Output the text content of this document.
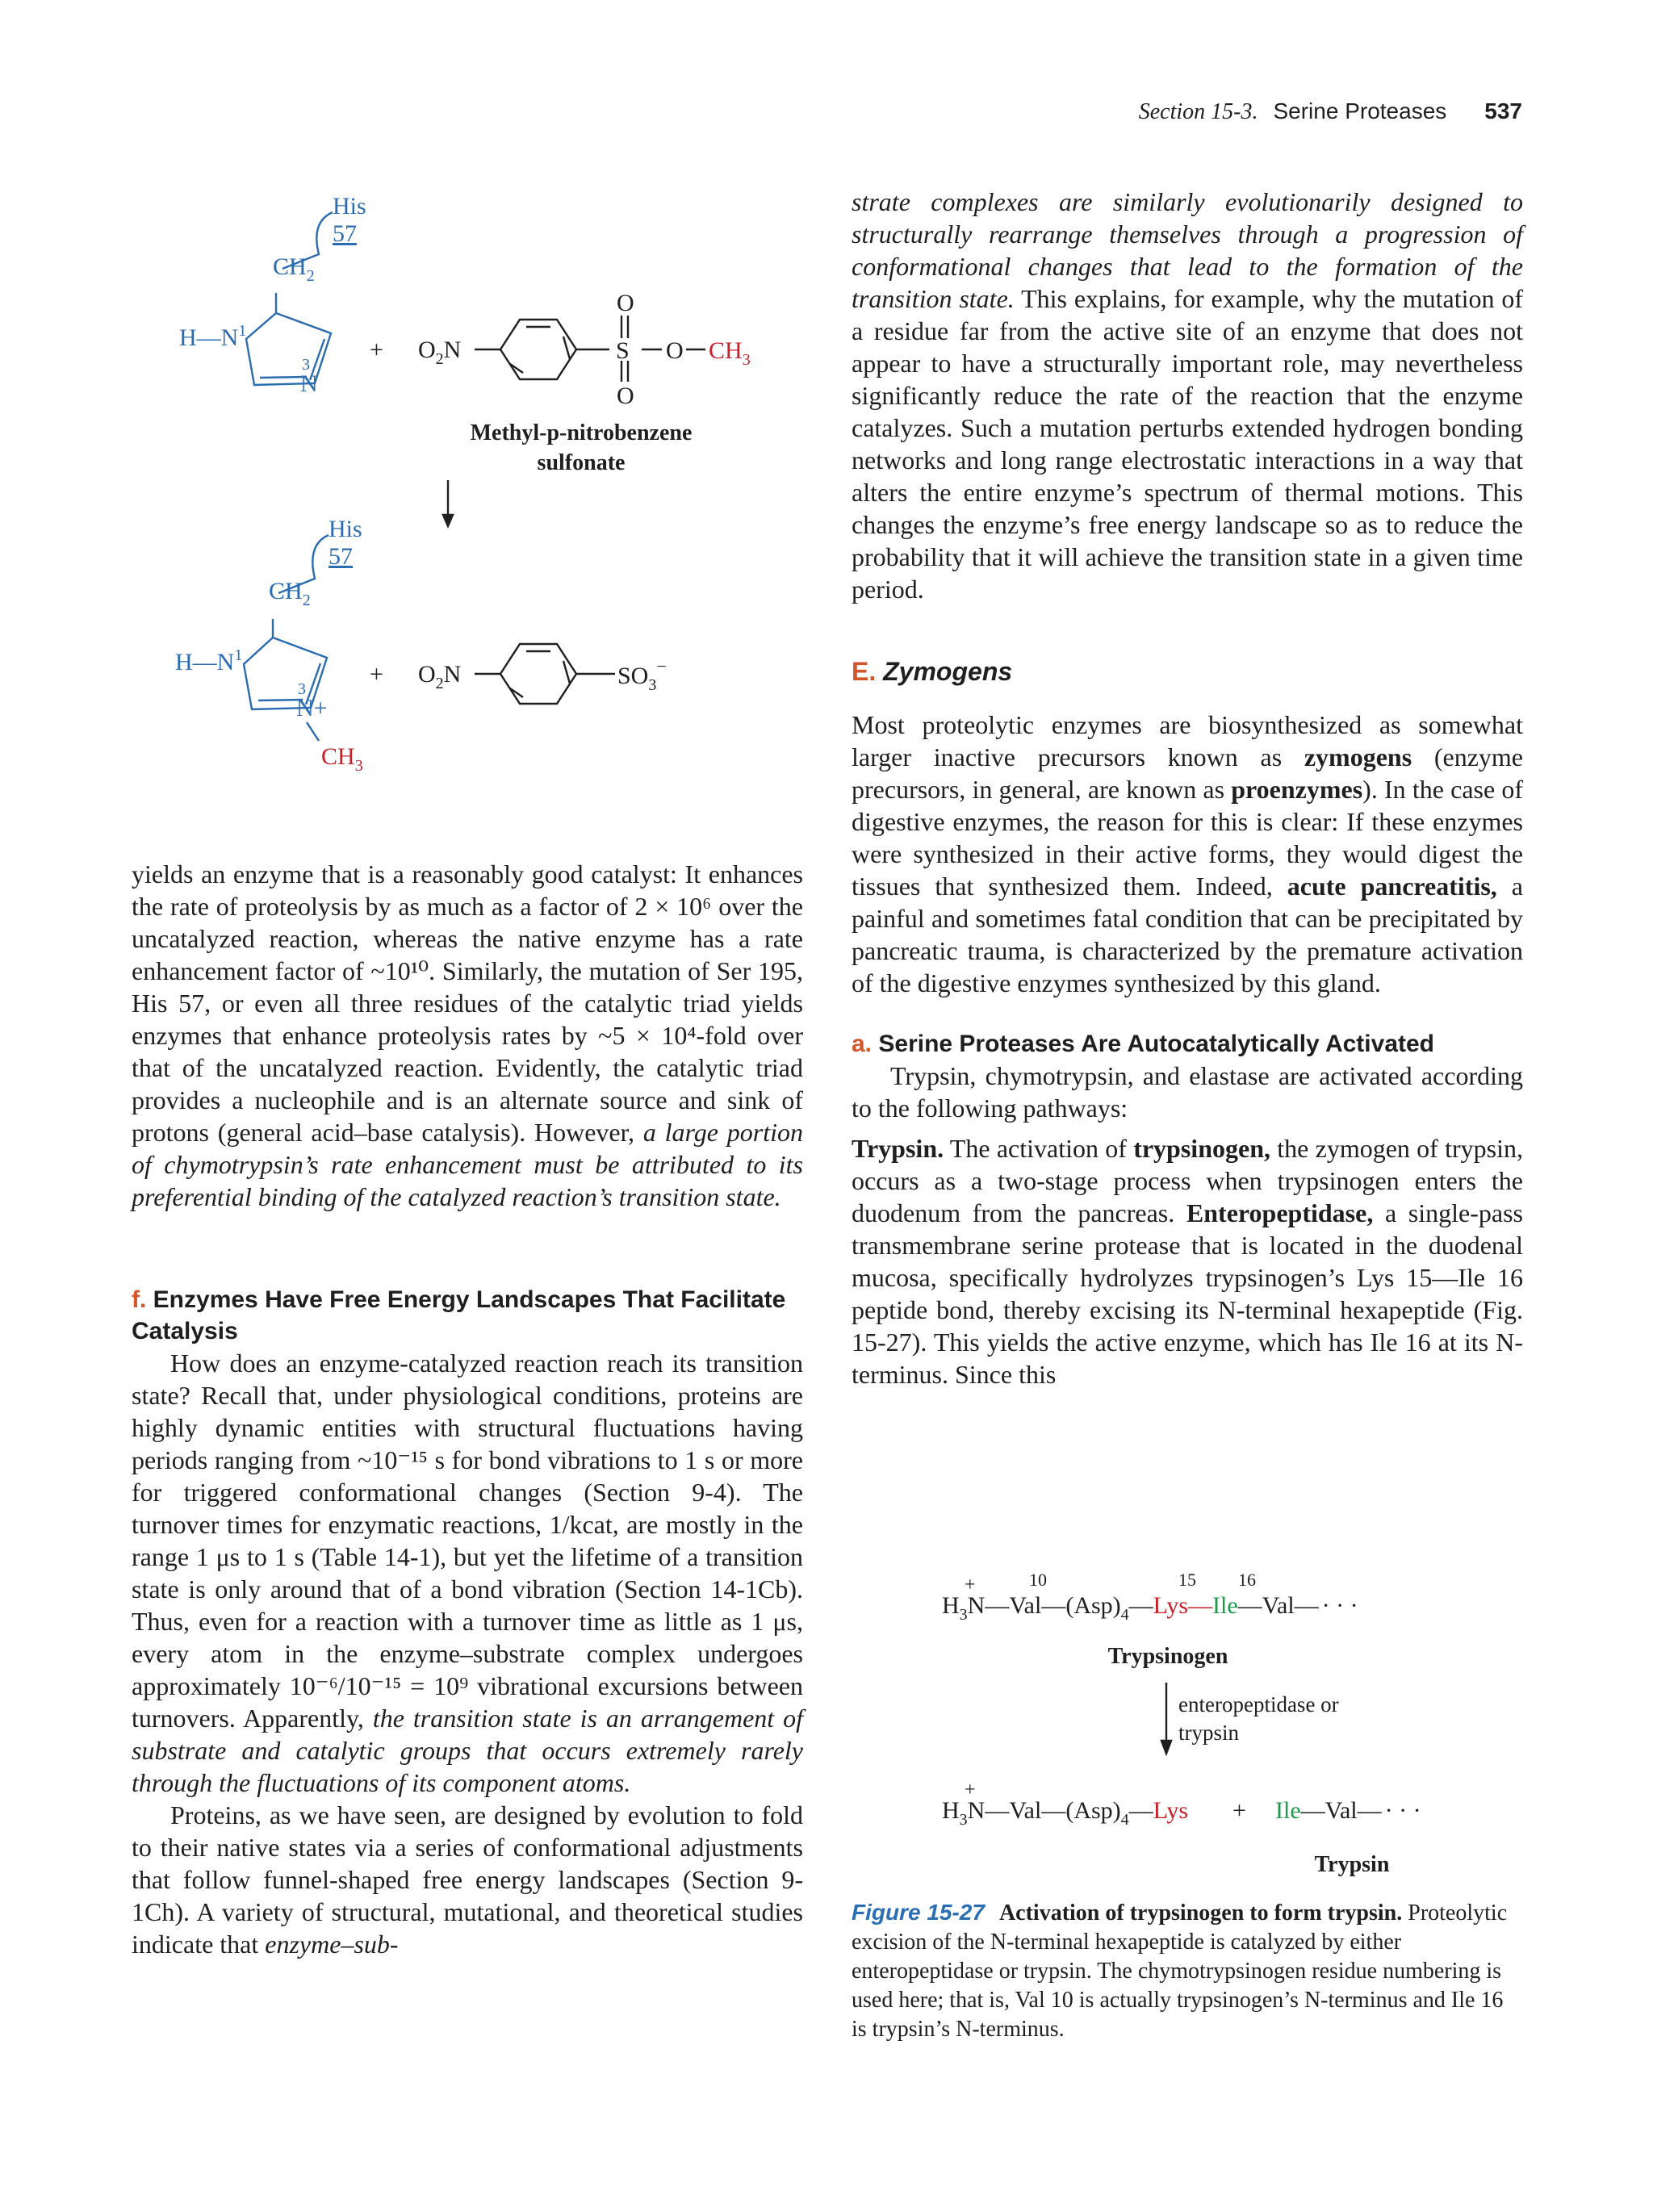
Section 15-3. Serine Proteases 537
His
57
$CH_2$
$H—N^1$
3
N
+ $O_2N$
O
S
O
O $CH_3$
Methyl-p-nitrobenzene
sulfonate
His
57
$CH_2$
$H—N^1$
3
N+
$CH_3$
+ $O_2N$	$SO_3^-$

yields an enzyme that is a reasonably good catalyst: It enhances the rate of proteolysis by as much as a factor of 2 × 10⁶ over the uncatalyzed reaction, whereas the native enzyme has a rate enhancement factor of ~10¹⁰. Similarly, the mutation of Ser 195, His 57, or even all three residues of the catalytic triad yields enzymes that enhance proteolysis rates by ~5 × 10⁴-fold over that of the uncatalyzed reaction. Evidently, the catalytic triad provides a nucleophile and is an alternate source and sink of protons (general acid–base catalysis). However, a large portion of chymotrypsin’s rate enhancement must be attributed to its preferential binding of the catalyzed reaction’s transition state.

f. Enzymes Have Free Energy Landscapes That Facilitate Catalysis

How does an enzyme-catalyzed reaction reach its transition state? Recall that, under physiological conditions, proteins are highly dynamic entities with structural fluctuations having periods ranging from ~10⁻¹⁵ s for bond vibrations to 1 s or more for triggered conformational changes (Section 9-4). The turnover times for enzymatic reactions, 1/kcat, are mostly in the range 1 μs to 1 s (Table 14-1), but yet the lifetime of a transition state is only around that of a bond vibration (Section 14-1Cb). Thus, even for a reaction with a turnover time as little as 1 μs, every atom in the enzyme–substrate complex undergoes approximately 10⁻⁶/10⁻¹⁵ = 10⁹ vibrational excursions between turnovers. Apparently, the transition state is an arrangement of substrate and catalytic groups that occurs extremely rarely through the fluctuations of its component atoms.

Proteins, as we have seen, are designed by evolution to fold to their native states via a series of conformational adjustments that follow funnel-shaped free energy landscapes (Section 9-1Ch). A variety of structural, mutational, and theoretical studies indicate that enzyme–sub-

strate complexes are similarly evolutionarily designed to structurally rearrange themselves through a progression of conformational changes that lead to the formation of the transition state. This explains, for example, why the mutation of a residue far from the active site of an enzyme that does not appear to have a structurally important role, may nevertheless significantly reduce the rate of the reaction that the enzyme catalyzes. Such a mutation perturbs extended hydrogen bonding networks and long range electrostatic interactions in a way that alters the entire enzyme’s spectrum of thermal motions. This changes the enzyme’s free energy landscape so as to reduce the probability that it will achieve the transition state in a given time period.

E. Zymogens

Most proteolytic enzymes are biosynthesized as somewhat larger inactive precursors known as zymogens (enzyme precursors, in general, are known as proenzymes). In the case of digestive enzymes, the reason for this is clear: If these enzymes were synthesized in their active forms, they would digest the tissues that synthesized them. Indeed, acute pancreatitis, a painful and sometimes fatal condition that can be precipitated by pancreatic trauma, is characterized by the premature activation of the digestive enzymes synthesized by this gland.

a. Serine Proteases Are Autocatalytically Activated

Trypsin, chymotrypsin, and elastase are activated according to the following pathways:

Trypsin. The activation of trypsinogen, the zymogen of trypsin, occurs as a two-stage process when trypsinogen enters the duodenum from the pancreas. Enteropeptidase, a single-pass transmembrane serine protease that is located in the duodenal mucosa, specifically hydrolyzes trypsinogen’s Lys 15—Ile 16 peptide bond, thereby excising its N-terminal hexapeptide (Fig. 15-27). This yields the active enzyme, which has Ile 16 at its N-terminus. Since this

10	15 16
+
$H_3N—Val—(Asp)_4—Lys—Ile—Val—$ · · ·
Trypsinogen
enteropeptidase or
trypsin
+
$H_3N—Val—(Asp)_4—Lys$ + Ile—Val— · · ·
Trypsin
Figure 15-27 Activation of trypsinogen to form trypsin. Proteolytic excision of the N-terminal hexapeptide is catalyzed by either enteropeptidase or trypsin. The chymotrypsinogen residue numbering is used here; that is, Val 10 is actually trypsinogen’s N-terminus and Ile 16 is trypsin’s N-terminus.
